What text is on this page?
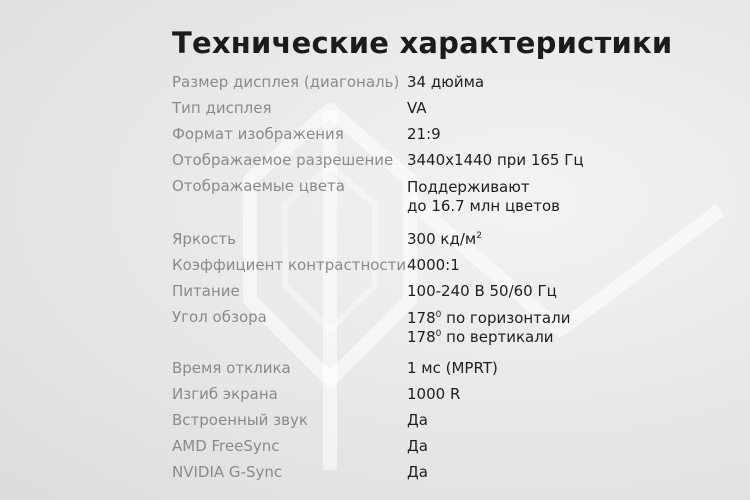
Технические характеристики
Размер дисплея (диагональ) 34 дюйма
Тип дисплея	VA
Формат изображения	21:9
Отображаемое разрешение 3440x1440 при 165 Гц
Отображаемые цвета	Поддерживают
до 16.7 млн цветов
Яркость	300 $кд/м^2$
Коэффициент контрастности 4000:1
Питание	100-240 В 50/60 Гц
Угол обзора	$178^0$ по горизонтали
$178^0$ по вертикали
Время отклика	1 мс (MPRT)
Изгиб экрана	1000 R
Встроенный звук	Да
AMD FreeSync	Да
NVIDIA G-Sync	Да
